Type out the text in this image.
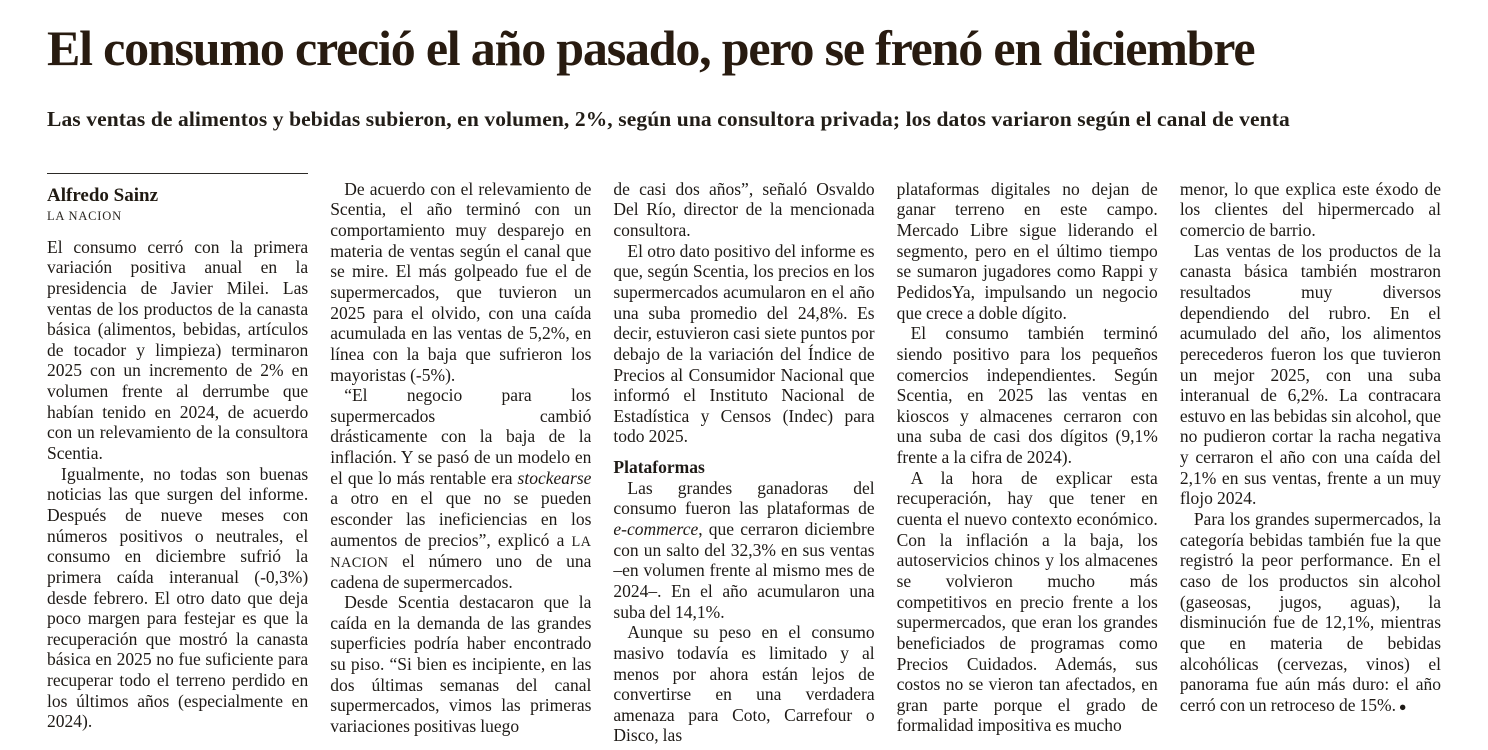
El consumo creció el año pasado, pero se frenó en diciembre
Las ventas de alimentos y bebidas subieron, en volumen, 2%, según una consultora privada; los datos variaron según el canal de venta
Alfredo Sainz
LA NACION

El consumo cerró con la primera variación positiva anual en la presidencia de Javier Milei. Las ventas de los productos de la canasta básica (alimentos, bebidas, artículos de tocador y limpieza) terminaron 2025 con un incremento de 2% en volumen frente al derrumbe que habían tenido en 2024, de acuerdo con un relevamiento de la consultora Scentia.

Igualmente, no todas son buenas noticias las que surgen del informe. Después de nueve meses con números positivos o neutrales, el consumo en diciembre sufrió la primera caída interanual (-0,3%) desde febrero. El otro dato que deja poco margen para festejar es que la recuperación que mostró la canasta básica en 2025 no fue suficiente para recuperar todo el terreno perdido en los últimos años (especialmente en 2024).

De acuerdo con el relevamiento de Scentia, el año terminó con un comportamiento muy desparejo en materia de ventas según el canal que se mire. El más golpeado fue el de supermercados, que tuvieron un 2025 para el olvido, con una caída acumulada en las ventas de 5,2%, en línea con la baja que sufrieron los mayoristas (-5%).

“El negocio para los supermercados cambió drásticamente con la baja de la inflación. Y se pasó de un modelo en el que lo más rentable era stockearse a otro en el que no se pueden esconder las ineficiencias en los aumentos de precios”, explicó a LA NACION el número uno de una cadena de supermercados.

Desde Scentia destacaron que la caída en la demanda de las grandes superficies podría haber encontrado su piso. “Si bien es incipiente, en las dos últimas semanas del canal supermercados, vimos las primeras variaciones positivas luego

de casi dos años”, señaló Osvaldo Del Río, director de la mencionada consultora.

El otro dato positivo del informe es que, según Scentia, los precios en los supermercados acumularon en el año una suba promedio del 24,8%. Es decir, estuvieron casi siete puntos por debajo de la variación del Índice de Precios al Consumidor Nacional que informó el Instituto Nacional de Estadística y Censos (Indec) para todo 2025.

Plataformas

Las grandes ganadoras del consumo fueron las plataformas de e-commerce, que cerraron diciembre con un salto del 32,3% en sus ventas –en volumen frente al mismo mes de 2024–. En el año acumularon una suba del 14,1%.

Aunque su peso en el consumo masivo todavía es limitado y al menos por ahora están lejos de convertirse en una verdadera amenaza para Coto, Carrefour o Disco, las

plataformas digitales no dejan de ganar terreno en este campo. Mercado Libre sigue liderando el segmento, pero en el último tiempo se sumaron jugadores como Rappi y PedidosYa, impulsando un negocio que crece a doble dígito.

El consumo también terminó siendo positivo para los pequeños comercios independientes. Según Scentia, en 2025 las ventas en kioscos y almacenes cerraron con una suba de casi dos dígitos (9,1% frente a la cifra de 2024).

A la hora de explicar esta recuperación, hay que tener en cuenta el nuevo contexto económico. Con la inflación a la baja, los autoservicios chinos y los almacenes se volvieron mucho más competitivos en precio frente a los supermercados, que eran los grandes beneficiados de programas como Precios Cuidados. Además, sus costos no se vieron tan afectados, en gran parte porque el grado de formalidad impositiva es mucho

menor, lo que explica este éxodo de los clientes del hipermercado al comercio de barrio.

Las ventas de los productos de la canasta básica también mostraron resultados muy diversos dependiendo del rubro. En el acumulado del año, los alimentos perecederos fueron los que tuvieron un mejor 2025, con una suba interanual de 6,2%. La contracara estuvo en las bebidas sin alcohol, que no pudieron cortar la racha negativa y cerraron el año con una caída del 2,1% en sus ventas, frente a un muy flojo 2024.

Para los grandes supermercados, la categoría bebidas también fue la que registró la peor performance. En el caso de los productos sin alcohol (gaseosas, jugos, aguas), la disminución fue de 12,1%, mientras que en materia de bebidas alcohólicas (cervezas, vinos) el panorama fue aún más duro: el año cerró con un retroceso de 15%. ●
